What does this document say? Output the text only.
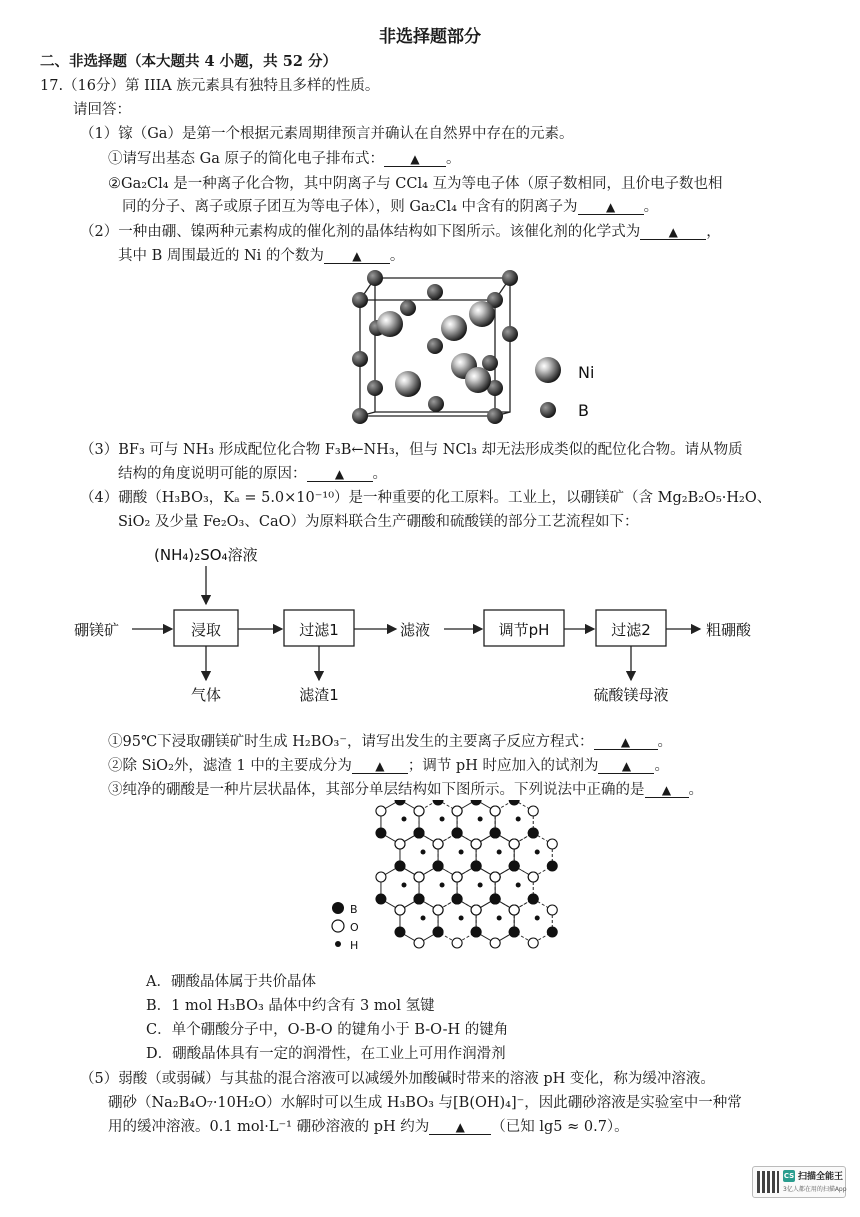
非选择题部分
二、非选择题（本大题共 4 小题，共 52 分）
17.（16分）第 IIIA 族元素具有独特且多样的性质。
请回答：
（1）镓（Ga）是第一个根据元素周期律预言并确认在自然界中存在的元素。
①请写出基态 Ga 原子的简化电子排布式： ▲ 。
②Ga₂Cl₄ 是一种离子化合物，其中阴离子与 CCl₄ 互为等电子体（原子数相同，且价电子数也相
同的分子、离子或原子团互为等电子体），则 Ga₂Cl₄ 中含有的阴离子为 ▲ 。
（2）一种由硼、镍两种元素构成的催化剂的晶体结构如下图所示。该催化剂的化学式为 ▲ ，
其中 B 周围最近的 Ni 的个数为 ▲ 。
Ni
B
（3）BF₃ 可与 NH₃ 形成配位化合物 F₃B←NH₃，但与 NCl₃ 却无法形成类似的配位化合物。请从物质
结构的角度说明可能的原因： ▲ 。
（4）硼酸（H₃BO₃，Kₐ = 5.0×10⁻¹⁰）是一种重要的化工原料。工业上，以硼镁矿（含 Mg₂B₂O₅·H₂O、
SiO₂ 及少量 Fe₂O₃、CaO）为原料联合生产硼酸和硫酸镁的部分工艺流程如下：
(NH₄)₂SO₄溶液
硼镁矿	浸取	过滤1	滤液	调节pH	过滤2	粗硼酸
气体	滤渣1	硫酸镁母液
①95℃下浸取硼镁矿时生成 H₂BO₃⁻，请写出发生的主要离子反应方程式： ▲ 。
②除 SiO₂外，滤渣 1 中的主要成分为 ▲ ；调节 pH 时应加入的试剂为 ▲ 。
③纯净的硼酸是一种片层状晶体，其部分单层结构如下图所示。下列说法中正确的是 ▲ 。
B
O
H
A．硼酸晶体属于共价晶体
B．1 mol H₃BO₃ 晶体中约含有 3 mol 氢键
C．单个硼酸分子中，O-B-O 的键角小于 B-O-H 的键角
D．硼酸晶体具有一定的润滑性，在工业上可用作润滑剂
（5）弱酸（或弱碱）与其盐的混合溶液可以减缓外加酸碱时带来的溶液 pH 变化，称为缓冲溶液。
硼砂（Na₂B₄O₇·10H₂O）水解时可以生成 H₃BO₃ 与[B(OH)₄]⁻，因此硼砂溶液是实验室中一种常
用的缓冲溶液。0.1 mol·L⁻¹ 硼砂溶液的 pH 约为 ▲ （已知 lg5 ≈ 0.7）。
CS 扫描全能王
3亿人都在用的扫描App
